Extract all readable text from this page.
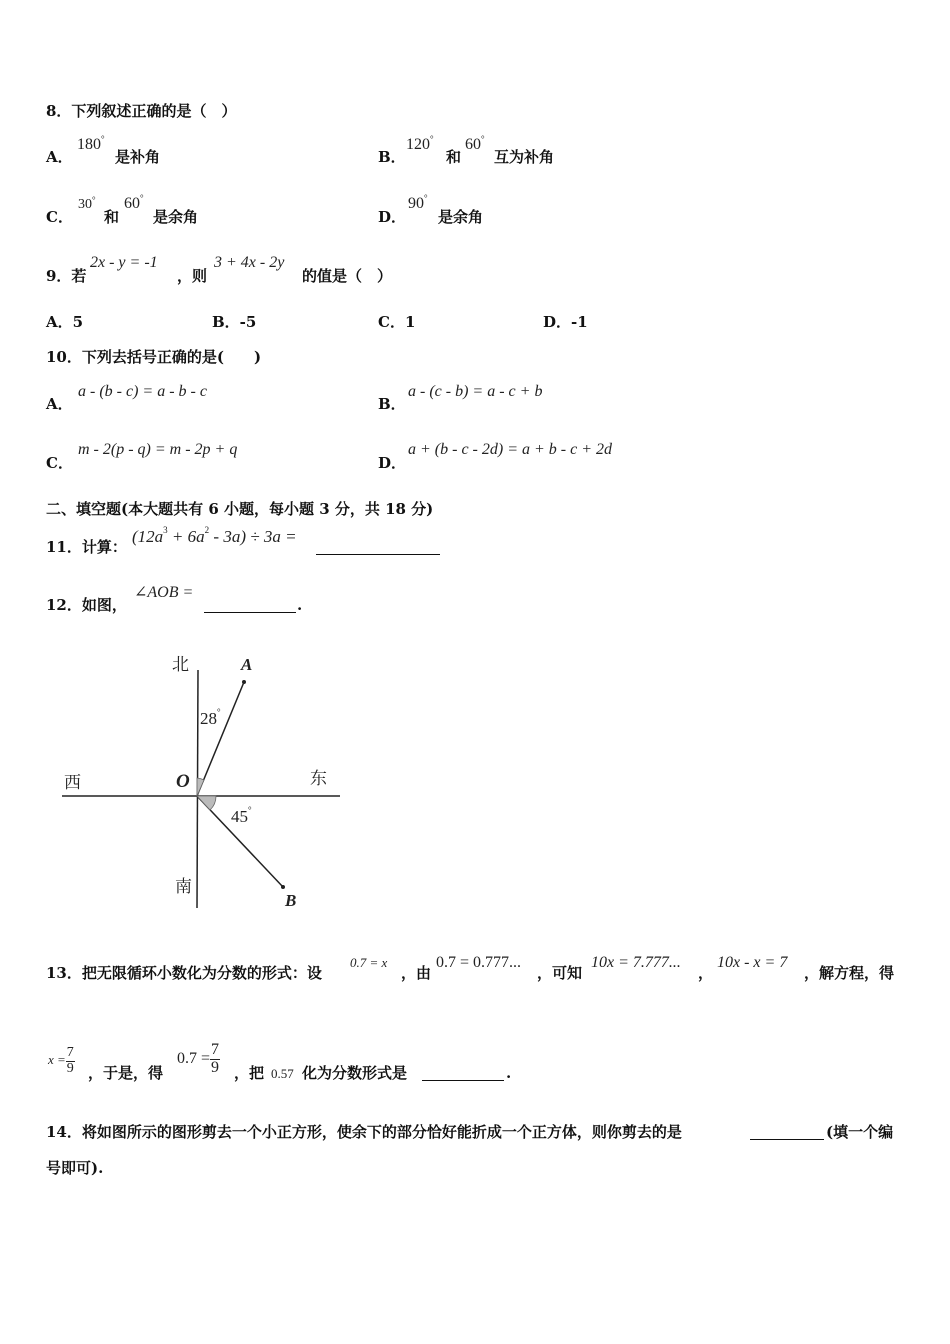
8．下列叙述正确的是（　）
A．
180°
是补角	B．
120°
和
60°
互为补角
C．
30°
和
60°
是余角	D．
90°
是余角
9．若
2x - y = -1
，则
3 + 4x - 2y
的值是（　）
A．5	B．-5	C．1	D．-1
10．下列去括号正确的是(　　)
A．
a - (b - c) = a - b - c
B．
a - (c - b) = a - c + b
C．
m - 2(p - q) = m - 2p + q
D．
a + (b - c - 2d) = a + b - c + 2d
二、填空题(本大题共有 6 小题，每小题 3 分，共 18 分)
11．计算：
$(12a^3 + 6a^2 - 3a) \div 3a$ =
12．如图，
∠AOB =
.
北	A
28°
西	O	东
45°
南
B
13．把无限循环小数化为分数的形式：设
0.7 = x
，由
0.7 = 0.777...
，可知
10x = 7.777...
，
10x - x = 7
，解方程，得
$x = \frac{7}{9}$ ，于是，得
$0.7 = \frac{7}{9}$ ，把 0.57 化为分数形式是	.
14．将如图所示的图形剪去一个小正方形，使余下的部分恰好能折成一个正方体，则你剪去的是	(填一个编
号即可).
